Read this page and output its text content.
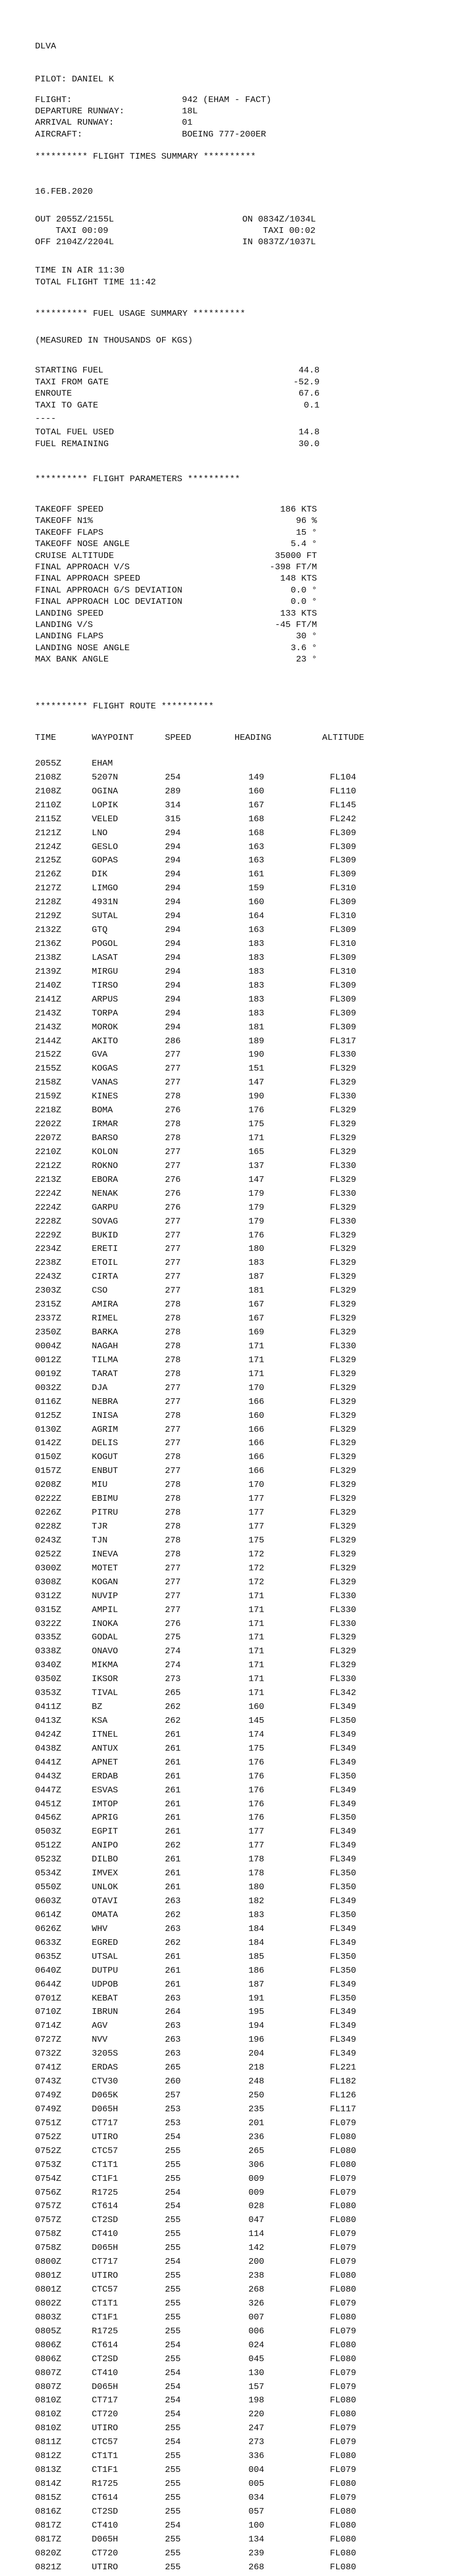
DLVA
PILOT: DANIEL K
FLIGHT:	942 (EHAM - FACT)
DEPARTURE RUNWAY:	18L
ARRIVAL RUNWAY:	01
AIRCRAFT:	BOEING 777-200ER
********** FLIGHT TIMES SUMMARY **********
16.FEB.2020
OUT 2055Z/2155L	ON 0834Z/1034L
TAXI 00:09	TAXI 00:02
OFF 2104Z/2204L	IN 0837Z/1037L
TIME IN AIR 11:30
TOTAL FLIGHT TIME 11:42
********** FUEL USAGE SUMMARY **********
(MEASURED IN THOUSANDS OF KGS)
STARTING FUEL	44.8
TAXI FROM GATE	-52.9
ENROUTE	67.6
TAXI TO GATE	0.1
----
TOTAL FUEL USED	14.8
FUEL REMAINING	30.0
********** FLIGHT PARAMETERS **********
TAKEOFF SPEED	186 KTS
TAKEOFF N1%	96 %
TAKEOFF FLAPS	15 °
TAKEOFF NOSE ANGLE	5.4 °
CRUISE ALTITUDE	35000 FT
FINAL APPROACH V/S	-398 FT/M
FINAL APPROACH SPEED	148 KTS
FINAL APPROACH G/S DEVIATION	0.0 °
FINAL APPROACH LOC DEVIATION	0.0 °
LANDING SPEED	133 KTS
LANDING V/S	-45 FT/M
LANDING FLAPS	30 °
LANDING NOSE ANGLE	3.6 °
MAX BANK ANGLE	23 °
********** FLIGHT ROUTE **********
TIME	WAYPOINT	SPEED	HEADING	ALTITUDE
2055Z	EHAM
2108Z	5207N	254	149	FL104
2108Z	OGINA	289	160	FL110
2110Z	LOPIK	314	167	FL145
2115Z	VELED	315	168	FL242
2121Z	LNO	294	168	FL309
2124Z	GESLO	294	163	FL309
2125Z	GOPAS	294	163	FL309
2126Z	DIK	294	161	FL309
2127Z	LIMGO	294	159	FL310
2128Z	4931N	294	160	FL309
2129Z	SUTAL	294	164	FL310
2132Z	GTQ	294	163	FL309
2136Z	POGOL	294	183	FL310
2138Z	LASAT	294	183	FL309
2139Z	MIRGU	294	183	FL310
2140Z	TIRSO	294	183	FL309
2141Z	ARPUS	294	183	FL309
2143Z	TORPA	294	183	FL309
2143Z	MOROK	294	181	FL309
2144Z	AKITO	286	189	FL317
2152Z	GVA	277	190	FL330
2155Z	KOGAS	277	151	FL329
2158Z	VANAS	277	147	FL329
2159Z	KINES	278	190	FL330
2218Z	BOMA	276	176	FL329
2202Z	IRMAR	278	175	FL329
2207Z	BARSO	278	171	FL329
2210Z	KOLON	277	165	FL329
2212Z	ROKNO	277	137	FL330
2213Z	EBORA	276	147	FL329
2224Z	NENAK	276	179	FL330
2224Z	GARPU	276	179	FL329
2228Z	SOVAG	277	179	FL330
2229Z	BUKID	277	176	FL329
2234Z	ERETI	277	180	FL329
2238Z	ETOIL	277	183	FL329
2243Z	CIRTA	277	187	FL329
2303Z	CSO	277	181	FL329
2315Z	AMIRA	278	167	FL329
2337Z	RIMEL	278	167	FL329
2350Z	BARKA	278	169	FL329
0004Z	NAGAH	278	171	FL330
0012Z	TILMA	278	171	FL329
0019Z	TARAT	278	171	FL329
0032Z	DJA	277	170	FL329
0116Z	NEBRA	277	166	FL329
0125Z	INISA	278	160	FL329
0130Z	AGRIM	277	166	FL329
0142Z	DELIS	277	166	FL329
0150Z	KOGUT	278	166	FL329
0157Z	ENBUT	277	166	FL329
0208Z	MIU	278	170	FL329
0222Z	EBIMU	278	177	FL329
0226Z	PITRU	278	177	FL329
0228Z	TJR	278	177	FL329
0243Z	TJN	278	175	FL329
0252Z	INEVA	278	172	FL329
0300Z	MOTET	277	172	FL329
0308Z	KOGAN	277	172	FL329
0312Z	NUVIP	277	171	FL330
0315Z	AMPIL	277	171	FL330
0322Z	INOKA	276	171	FL330
0335Z	GODAL	275	171	FL329
0338Z	ONAVO	274	171	FL329
0340Z	MIKMA	274	171	FL329
0350Z	IKSOR	273	171	FL330
0353Z	TIVAL	265	171	FL342
0411Z	BZ	262	160	FL349
0413Z	KSA	262	145	FL350
0424Z	ITNEL	261	174	FL349
0438Z	ANTUX	261	175	FL349
0441Z	APNET	261	176	FL349
0443Z	ERDAB	261	176	FL350
0447Z	ESVAS	261	176	FL349
0451Z	IMTOP	261	176	FL349
0456Z	APRIG	261	176	FL350
0503Z	EGPIT	261	177	FL349
0512Z	ANIPO	262	177	FL349
0523Z	DILBO	261	178	FL349
0534Z	IMVEX	261	178	FL350
0550Z	UNLOK	261	180	FL350
0603Z	OTAVI	263	182	FL349
0614Z	OMATA	262	183	FL350
0626Z	WHV	263	184	FL349
0633Z	EGRED	262	184	FL349
0635Z	UTSAL	261	185	FL350
0640Z	DUTPU	261	186	FL350
0644Z	UDPOB	261	187	FL349
0701Z	KEBAT	263	191	FL350
0710Z	IBRUN	264	195	FL349
0714Z	AGV	263	194	FL349
0727Z	NVV	263	196	FL349
0732Z	3205S	263	204	FL349
0741Z	ERDAS	265	218	FL221
0743Z	CTV30	260	248	FL182
0749Z	D065K	257	250	FL126
0749Z	D065H	253	235	FL117
0751Z	CT717	253	201	FL079
0752Z	UTIRO	254	236	FL080
0752Z	CTC57	255	265	FL080
0753Z	CT1T1	255	306	FL080
0754Z	CT1F1	255	009	FL079
0756Z	R1725	254	009	FL079
0757Z	CT614	254	028	FL080
0757Z	CT2SD	255	047	FL080
0758Z	CT410	255	114	FL079
0758Z	D065H	255	142	FL079
0800Z	CT717	254	200	FL079
0801Z	UTIRO	255	238	FL080
0801Z	CTC57	255	268	FL080
0802Z	CT1T1	255	326	FL079
0803Z	CT1F1	255	007	FL080
0805Z	R1725	255	006	FL079
0806Z	CT614	254	024	FL080
0806Z	CT2SD	255	045	FL080
0807Z	CT410	254	130	FL079
0807Z	D065H	254	157	FL079
0810Z	CT717	254	198	FL080
0810Z	CT720	254	220	FL080
0810Z	UTIRO	255	247	FL079
0811Z	CTC57	254	273	FL079
0812Z	CT1T1	255	336	FL080
0813Z	CT1F1	255	004	FL079
0814Z	R1725	255	005	FL080
0815Z	CT614	255	034	FL079
0816Z	CT2SD	255	057	FL080
0817Z	CT410	254	100	FL080
0817Z	D065H	255	134	FL080
0820Z	CT720	255	239	FL080
0821Z	UTIRO	255	268	FL080
